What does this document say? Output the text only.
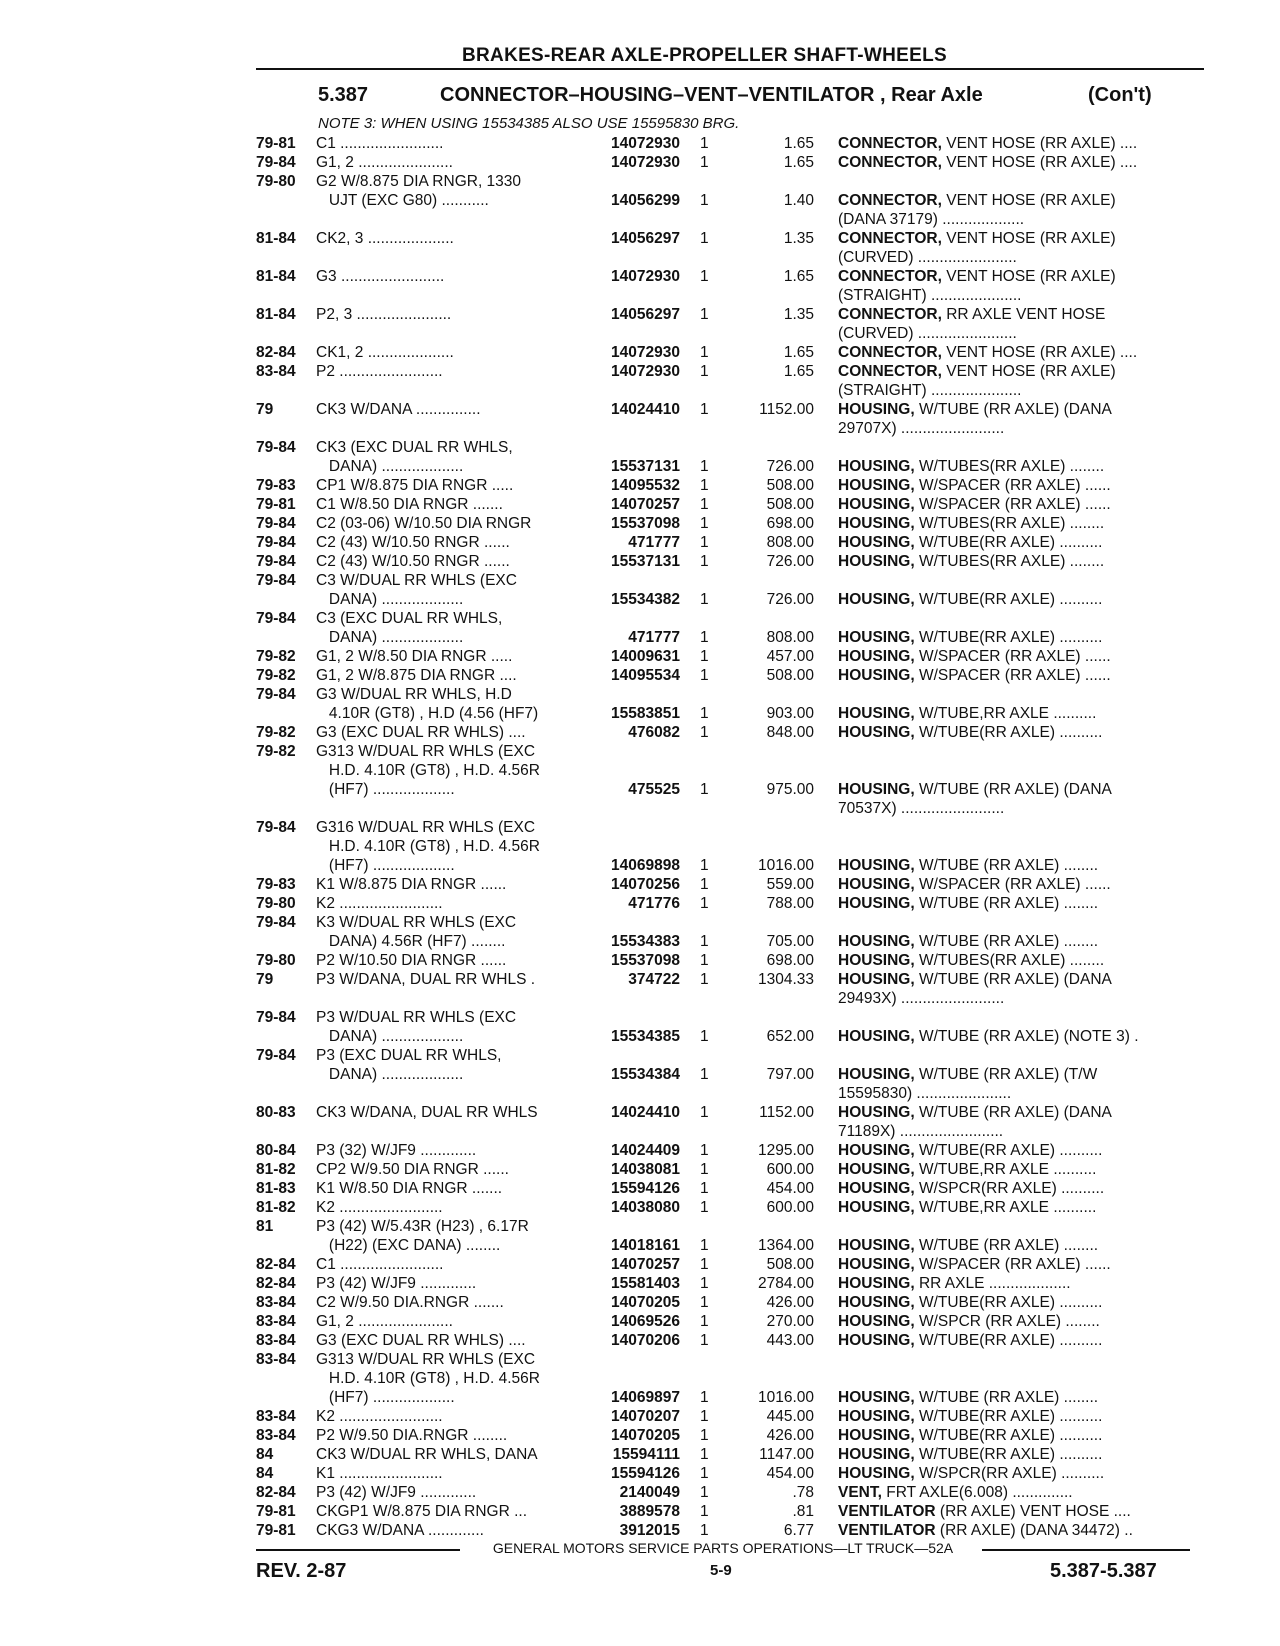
BRAKES-REAR AXLE-PROPELLER SHAFT-WHEELS
5.387	CONNECTOR–HOUSING–VENT–VENTILATOR , Rear Axle	(Con't)
NOTE 3: WHEN USING 15534385 ALSO USE 15595830 BRG.
79-81	C1 ........................	14072930 1	1.65 CONNECTOR, VENT HOSE (RR AXLE) ....
79-84	G1, 2 ......................	14072930 1	1.65 CONNECTOR, VENT HOSE (RR AXLE) ....
79-80	G2 W/8.875 DIA RNGR, 1330
UJT (EXC G80) ...........	14056299 1	1.40 CONNECTOR, VENT HOSE (RR AXLE)
(DANA 37179) ...................
81-84	CK2, 3 ....................	14056297 1	1.35 CONNECTOR, VENT HOSE (RR AXLE)
(CURVED) .......................
81-84	G3 ........................	14072930 1	1.65 CONNECTOR, VENT HOSE (RR AXLE)
(STRAIGHT) .....................
81-84	P2, 3 ......................	14056297 1	1.35 CONNECTOR, RR AXLE VENT HOSE
(CURVED) .......................
82-84	CK1, 2 ....................	14072930 1	1.65 CONNECTOR, VENT HOSE (RR AXLE) ....
83-84	P2 ........................	14072930 1	1.65 CONNECTOR, VENT HOSE (RR AXLE)
(STRAIGHT) .....................
79	CK3 W/DANA ...............	14024410 1	1152.00 HOUSING, W/TUBE (RR AXLE) (DANA
29707X) ........................
79-84	CK3 (EXC DUAL RR WHLS,
DANA) ...................	15537131 1	726.00 HOUSING, W/TUBES(RR AXLE) ........
79-83	CP1 W/8.875 DIA RNGR .....	14095532 1	508.00 HOUSING, W/SPACER (RR AXLE) ......
79-81	C1 W/8.50 DIA RNGR .......	14070257 1	508.00 HOUSING, W/SPACER (RR AXLE) ......
79-84	C2 (03-06) W/10.50 DIA RNGR	15537098 1	698.00 HOUSING, W/TUBES(RR AXLE) ........
79-84	C2 (43) W/10.50 RNGR ......	471777 1	808.00 HOUSING, W/TUBE(RR AXLE) ..........
79-84	C2 (43) W/10.50 RNGR ......	15537131 1	726.00 HOUSING, W/TUBES(RR AXLE) ........
79-84	C3 W/DUAL RR WHLS (EXC
DANA) ...................	15534382 1	726.00 HOUSING, W/TUBE(RR AXLE) ..........
79-84	C3 (EXC DUAL RR WHLS,
DANA) ...................	471777 1	808.00 HOUSING, W/TUBE(RR AXLE) ..........
79-82	G1, 2 W/8.50 DIA RNGR .....	14009631 1	457.00 HOUSING, W/SPACER (RR AXLE) ......
79-82	G1, 2 W/8.875 DIA RNGR ....	14095534 1	508.00 HOUSING, W/SPACER (RR AXLE) ......
79-84	G3 W/DUAL RR WHLS, H.D
4.10R (GT8) , H.D (4.56 (HF7)	15583851 1	903.00 HOUSING, W/TUBE,RR AXLE ..........
79-82	G3 (EXC DUAL RR WHLS) ....	476082 1	848.00 HOUSING, W/TUBE(RR AXLE) ..........
79-82	G313 W/DUAL RR WHLS (EXC
H.D. 4.10R (GT8) , H.D. 4.56R
(HF7) ...................	475525 1	975.00 HOUSING, W/TUBE (RR AXLE) (DANA
70537X) ........................
79-84	G316 W/DUAL RR WHLS (EXC
H.D. 4.10R (GT8) , H.D. 4.56R
(HF7) ...................	14069898 1	1016.00 HOUSING, W/TUBE (RR AXLE) ........
79-83	K1 W/8.875 DIA RNGR ......	14070256 1	559.00 HOUSING, W/SPACER (RR AXLE) ......
79-80	K2 ........................	471776 1	788.00 HOUSING, W/TUBE (RR AXLE) ........
79-84	K3 W/DUAL RR WHLS (EXC
DANA) 4.56R (HF7) ........	15534383 1	705.00 HOUSING, W/TUBE (RR AXLE) ........
79-80	P2 W/10.50 DIA RNGR ......	15537098 1	698.00 HOUSING, W/TUBES(RR AXLE) ........
79	P3 W/DANA, DUAL RR WHLS .	374722 1	1304.33 HOUSING, W/TUBE (RR AXLE) (DANA
29493X) ........................
79-84	P3 W/DUAL RR WHLS (EXC
DANA) ...................	15534385 1	652.00 HOUSING, W/TUBE (RR AXLE) (NOTE 3) .
79-84	P3 (EXC DUAL RR WHLS,
DANA) ...................	15534384 1	797.00 HOUSING, W/TUBE (RR AXLE) (T/W
15595830) ......................

80-83	CK3 W/DANA, DUAL RR WHLS	14024410 1	1152.00 HOUSING, W/TUBE (RR AXLE) (DANA
71189X) ........................
80-84	P3 (32) W/JF9 .............	14024409 1	1295.00 HOUSING, W/TUBE(RR AXLE) ..........
81-82	CP2 W/9.50 DIA RNGR ......	14038081 1	600.00 HOUSING, W/TUBE,RR AXLE ..........
81-83	K1 W/8.50 DIA RNGR .......	15594126 1	454.00 HOUSING, W/SPCR(RR AXLE) ..........
81-82	K2 ........................	14038080 1	600.00 HOUSING, W/TUBE,RR AXLE ..........
81	P3 (42) W/5.43R (H23) , 6.17R
(H22) (EXC DANA) ........	14018161 1	1364.00 HOUSING, W/TUBE (RR AXLE) ........
82-84	C1 ........................	14070257 1	508.00 HOUSING, W/SPACER (RR AXLE) ......
82-84	P3 (42) W/JF9 .............	15581403 1	2784.00 HOUSING, RR AXLE ...................
83-84	C2 W/9.50 DIA.RNGR .......	14070205 1	426.00 HOUSING, W/TUBE(RR AXLE) ..........
83-84	G1, 2 ......................	14069526 1	270.00 HOUSING, W/SPCR (RR AXLE) ........
83-84	G3 (EXC DUAL RR WHLS) ....	14070206 1	443.00 HOUSING, W/TUBE(RR AXLE) ..........
83-84	G313 W/DUAL RR WHLS (EXC
H.D. 4.10R (GT8) , H.D. 4.56R
(HF7) ...................	14069897 1	1016.00 HOUSING, W/TUBE (RR AXLE) ........
83-84	K2 ........................	14070207 1	445.00 HOUSING, W/TUBE(RR AXLE) ..........
83-84	P2 W/9.50 DIA.RNGR ........	14070205 1	426.00 HOUSING, W/TUBE(RR AXLE) ..........
84	CK3 W/DUAL RR WHLS, DANA	15594111 1	1147.00 HOUSING, W/TUBE(RR AXLE) ..........
84	K1 ........................	15594126 1	454.00 HOUSING, W/SPCR(RR AXLE) ..........
82-84	P3 (42) W/JF9 .............	2140049 1	.78 VENT, FRT AXLE(6.008) ..............
79-81	CKGP1 W/8.875 DIA RNGR ...	3889578 1	.81 VENTILATOR (RR AXLE) VENT HOSE ....
79-81	CKG3 W/DANA .............	3912015 1	6.77 VENTILATOR (RR AXLE) (DANA 34472) ..
GENERAL MOTORS SERVICE PARTS OPERATIONS—LT TRUCK—52A
REV. 2-87	5-9	5.387-5.387
